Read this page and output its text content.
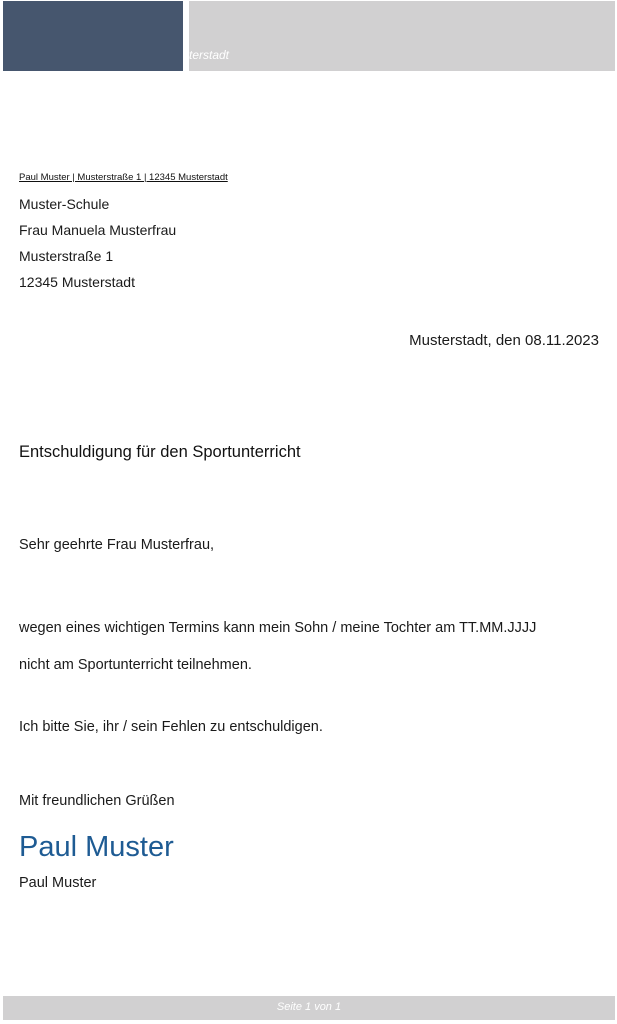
sterstadt
Paul Muster | Musterstraße 1 | 12345 Musterstadt
Muster-Schule
Frau Manuela Musterfrau
Musterstraße 1
12345 Musterstadt
Musterstadt, den 08.11.2023
Entschuldigung für den Sportunterricht
Sehr geehrte Frau Musterfrau,
wegen eines wichtigen Termins kann mein Sohn / meine Tochter am TT.MM.JJJJ
nicht am Sportunterricht teilnehmen.
Ich bitte Sie, ihr / sein Fehlen zu entschuldigen.
Mit freundlichen Grüßen
Paul Muster
Paul Muster
Seite 1 von 1
